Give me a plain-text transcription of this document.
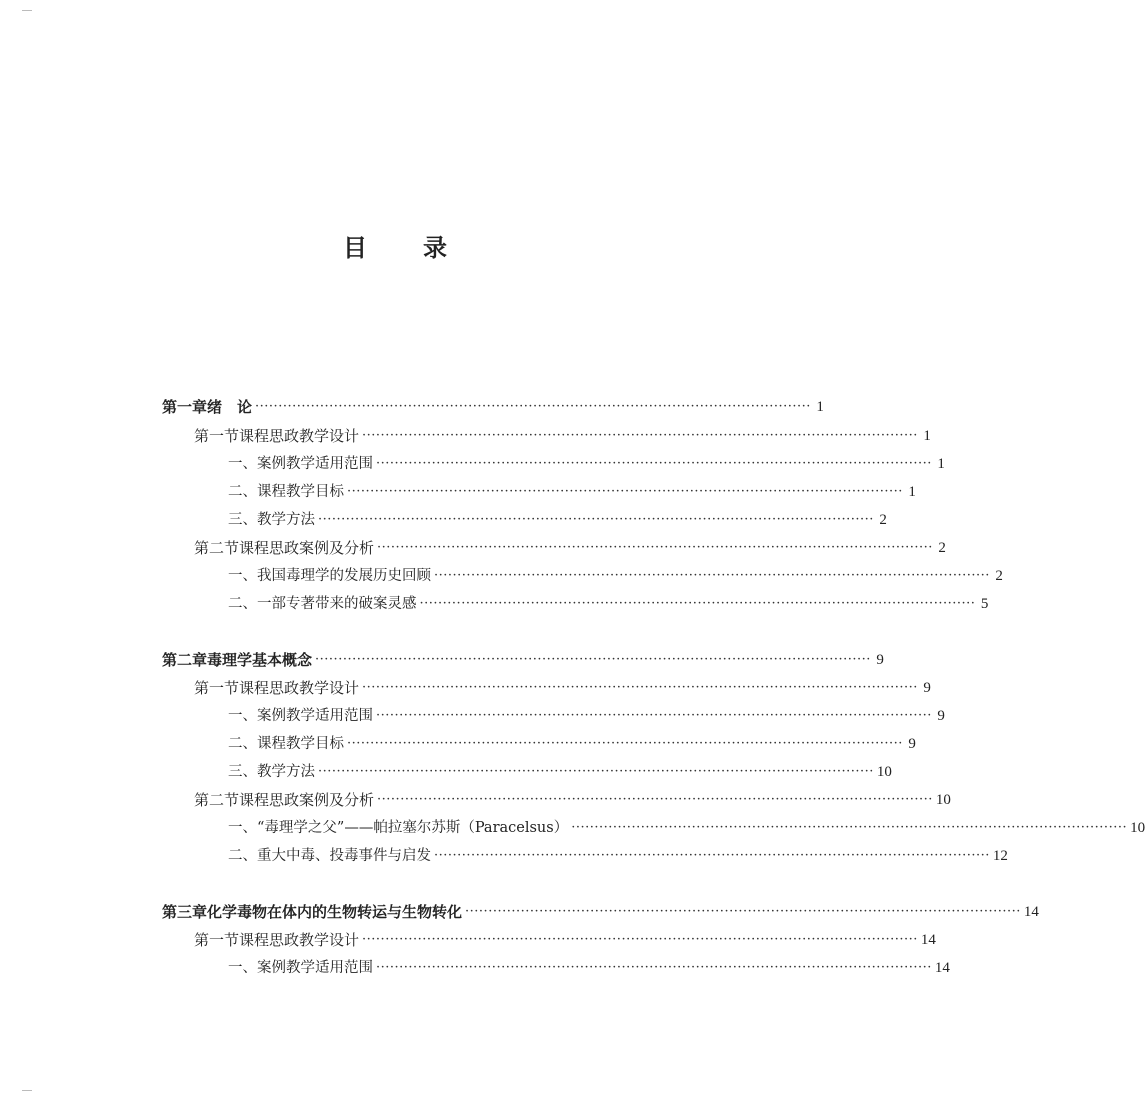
目 录
第一章 绪　论 ························································································································ 1
第一节 课程思政教学设计 ························································································································ 1
一、案例教学适用范围 ························································································································ 1
二、课程教学目标 ························································································································ 1
三、教学方法 ························································································································ 2
第二节 课程思政案例及分析 ························································································································ 2
一、我国毒理学的发展历史回顾 ························································································································ 2
二、一部专著带来的破案灵感 ························································································································ 5
第二章 毒理学基本概念 ························································································································ 9
第一节 课程思政教学设计 ························································································································ 9
一、案例教学适用范围 ························································································································ 9
二、课程教学目标 ························································································································ 9
三、教学方法 ························································································································ 10
第二节 课程思政案例及分析 ························································································································ 10
一、“毒理学之父”——帕拉塞尔苏斯（Paracelsus） ························································································································ 10
二、重大中毒、投毒事件与启发 ························································································································ 12
第三章 化学毒物在体内的生物转运与生物转化 ························································································································ 14
第一节 课程思政教学设计 ························································································································ 14
一、案例教学适用范围 ························································································································ 14
